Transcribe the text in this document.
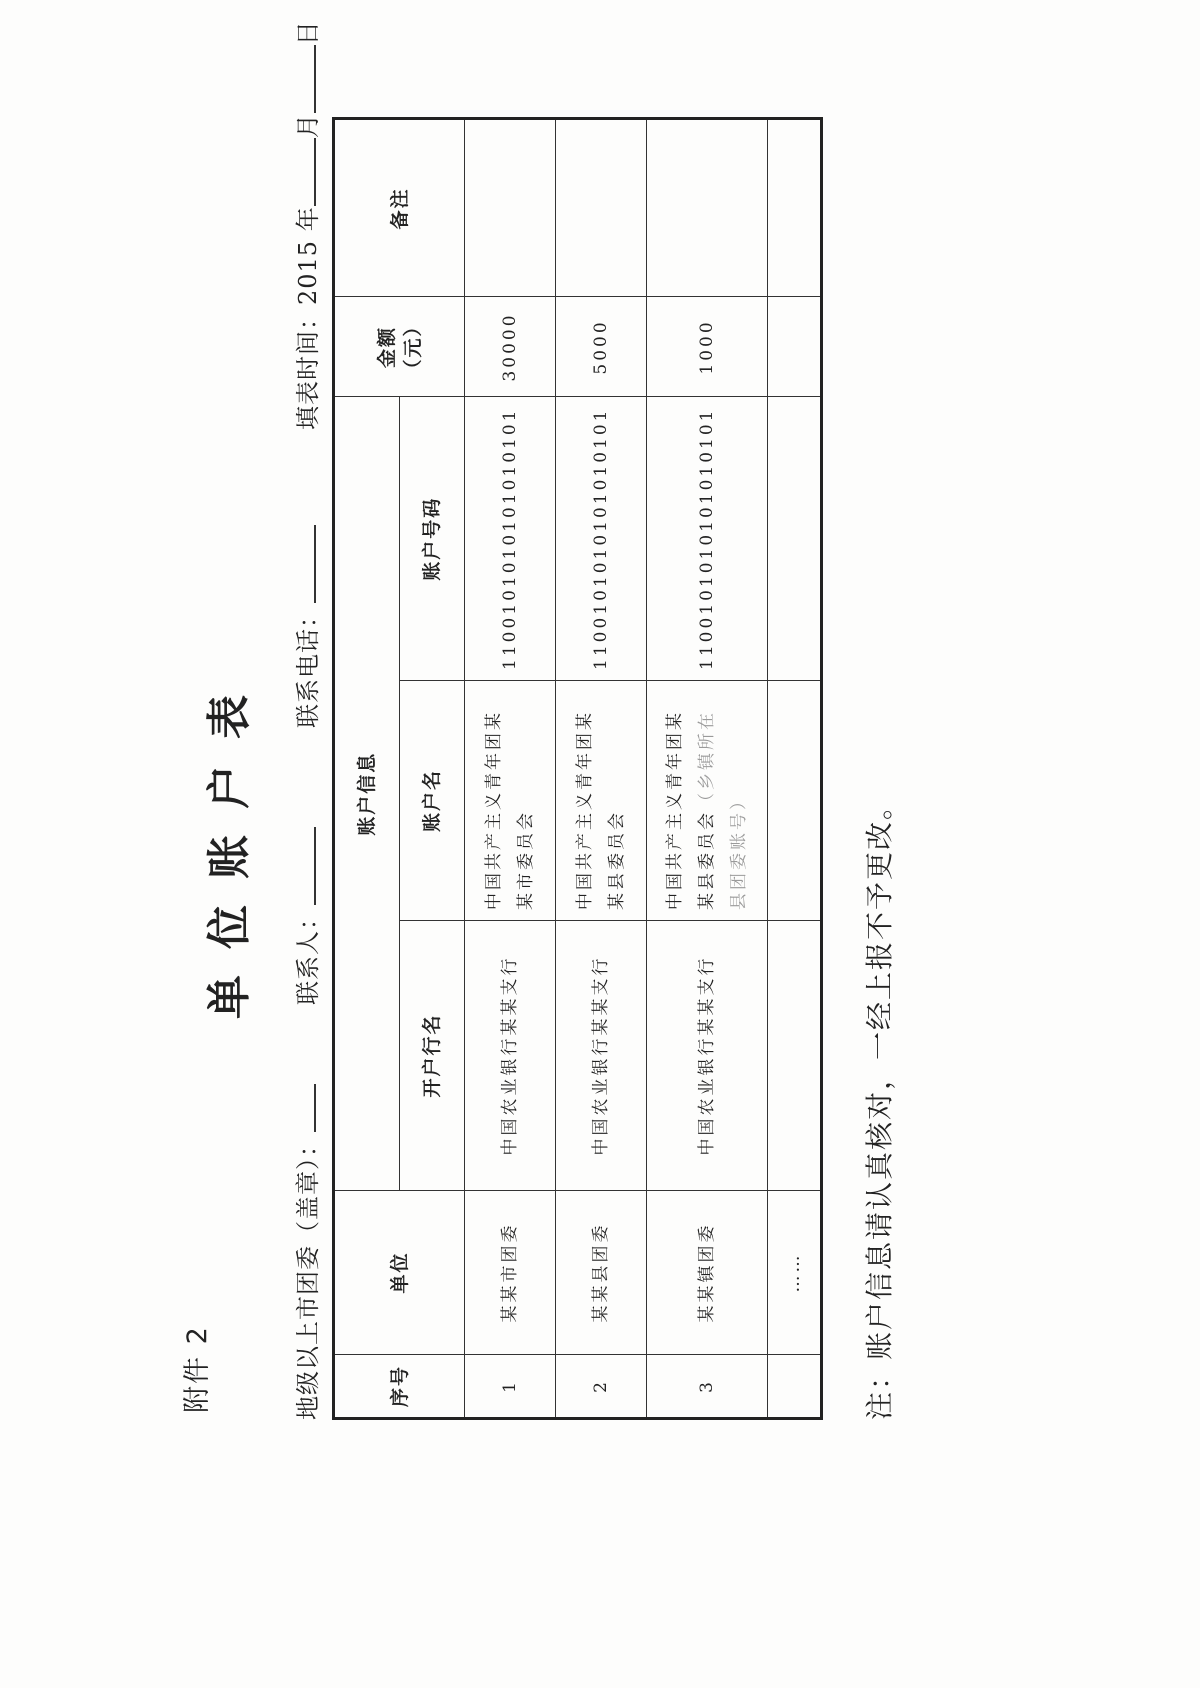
附件 2
单位账户表
地级以上市团委（盖章）：
联系人：
联系电话：
填表时间：2015 年月日
序号	单位	账户信息			金额（元）	备注
		开户行名	账户名	账户号码		
1	某某市团委	中国农业银行某某支行	中国共产主义青年团某某市委员会	1100101010101010101	30000	
2	某某县团委	中国农业银行某某支行	中国共产主义青年团某某县委员会	1100101010101010101	5000	
3	某某镇团委	中国农业银行某某支行	中国共产主义青年团某某县委员会（乡镇所在县团委账号）	1100101010101010101	1000	
	……					注：账户信息请认真核对，一经上报不予更改。
